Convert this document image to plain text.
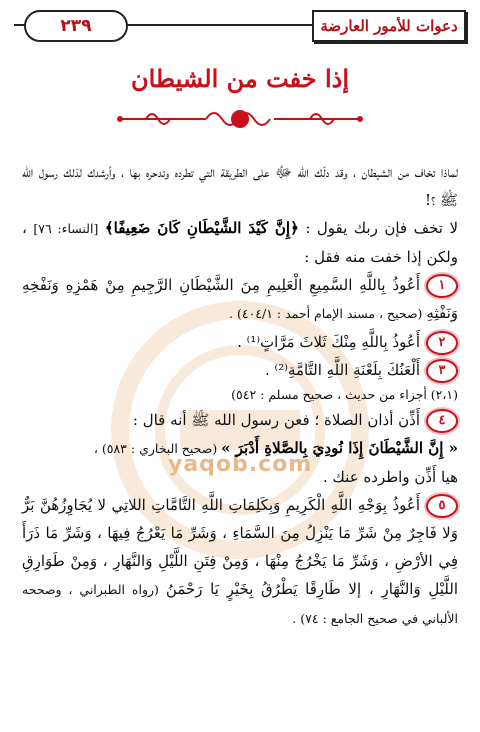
٢٣٩	دعوات للأمور العارضة
إذا خفت من الشيطان
yaqob.com

لماذا تخاف من الشيطان ، وقد دلّك الله ﷻ على الطريقة التي تطرده وتدحره بها ، وأرشدك لذلك رسول الله ﷺ ؟!

لا تخف فإن ربك يقول : ﴿إِنَّ كَيْدَ الشَّيْطَانِ كَانَ ضَعِيفًا﴾ [النساء: ٧٦] ، ولكن إذا خفت منه فقل :

١أَعُوذُ بِاللَّهِ السَّمِيعِ الْعَلِيمِ مِنَ الشَّيْطَانِ الرَّجِيمِ مِنْ هَمْزِهِ وَنَفْخِهِ وَنَفْثِهِ (صحيح ، مسند الإمام أحمد : ٤٠٤/١) .

٢أَعُوذُ بِاللَّهِ مِنْكَ ثَلاثَ مَرَّاتٍ⁽¹⁾ .

٣أَلْعَنُكَ بِلَعْنَةِ اللَّهِ التَّامَّةِ⁽²⁾ .

(٢،١) أجزاء من حديث ، صحيح مسلم : ٥٤٢)

٤أَذِّن أذان الصلاة ؛ فعن رسول الله ﷺ أنه قال :
« إِنَّ الشَّيْطَانَ إِذَا نُودِيَ بِالصَّلاةِ أَدْبَرَ » (صحيح البخاري : ٥٨٣) ،
هيا أَذِّن واطرده عنك .

٥أَعُوذُ بِوَجْهِ اللَّهِ الْكَرِيمِ وَبِكَلِمَاتِ اللَّهِ التَّامَّاتِ اللاتِي لا يُجَاوِزُهُنَّ بَرٌّ وَلا فَاجِرٌ مِنْ شَرِّ مَا يَنْزِلُ مِنَ السَّمَاءِ ، وَشَرِّ مَا يَعْرُجُ فِيهَا ، وَشَرِّ مَا ذَرَأَ فِي الأرْضِ ، وَشَرِّ مَا يَخْرُجُ مِنْهَا ، وَمِنْ فِتَنِ اللَّيْلِ وَالنَّهَارِ ، وَمِنْ طَوَارِقِ اللَّيْلِ وَالنَّهَارِ ، إلا طَارِقًا يَطْرُقُ بِخَيْرٍ يَا رَحْمَنُ (رواه الطبراني ، وصححه الألباني في صحيح الجامع : ٧٤) .
